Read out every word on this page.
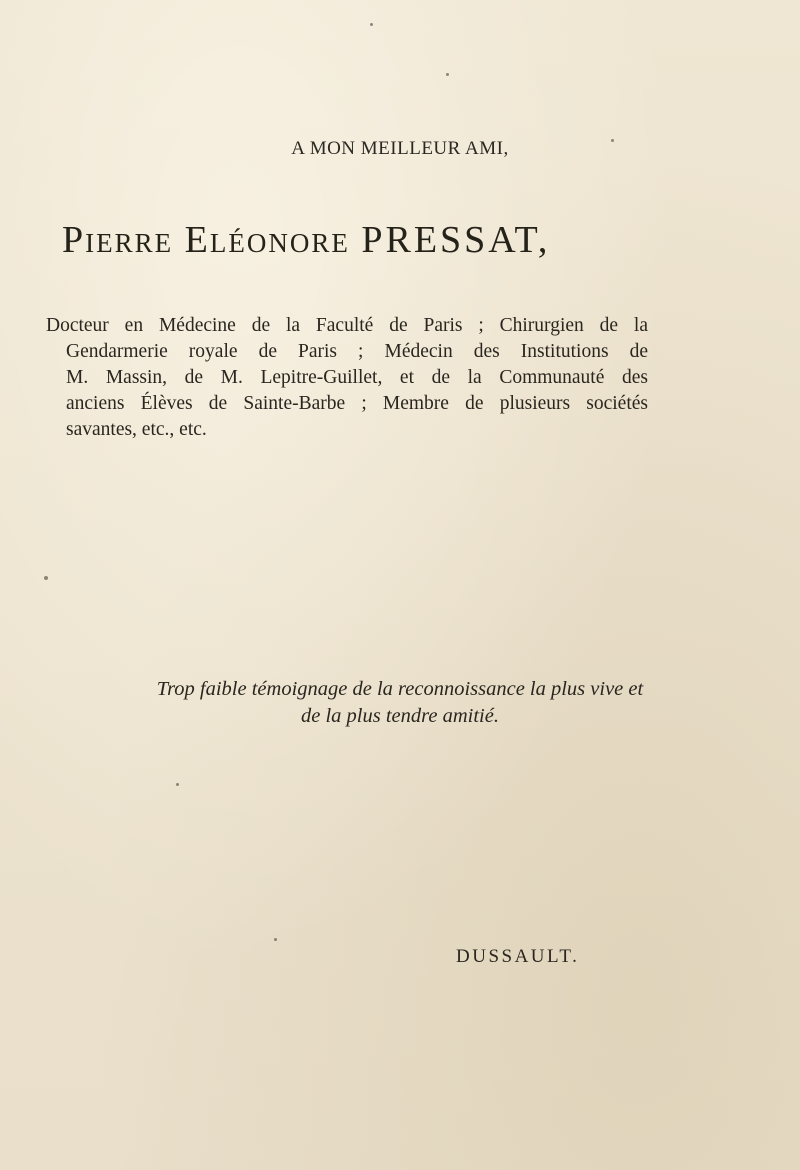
A MON MEILLEUR AMI,
Pierre Eléonore PRESSAT,
Docteur en Médecine de la Faculté de Paris ; Chirurgien de la
Gendarmerie royale de Paris ; Médecin des Institutions de
M. Massin, de M. Lepitre-Guillet, et de la Communauté des
anciens Élèves de Sainte-Barbe ; Membre de plusieurs sociétés
savantes, etc., etc.
Trop faible témoignage de la reconnoissance la plus vive et
de la plus tendre amitié.
DUSSAULT.
